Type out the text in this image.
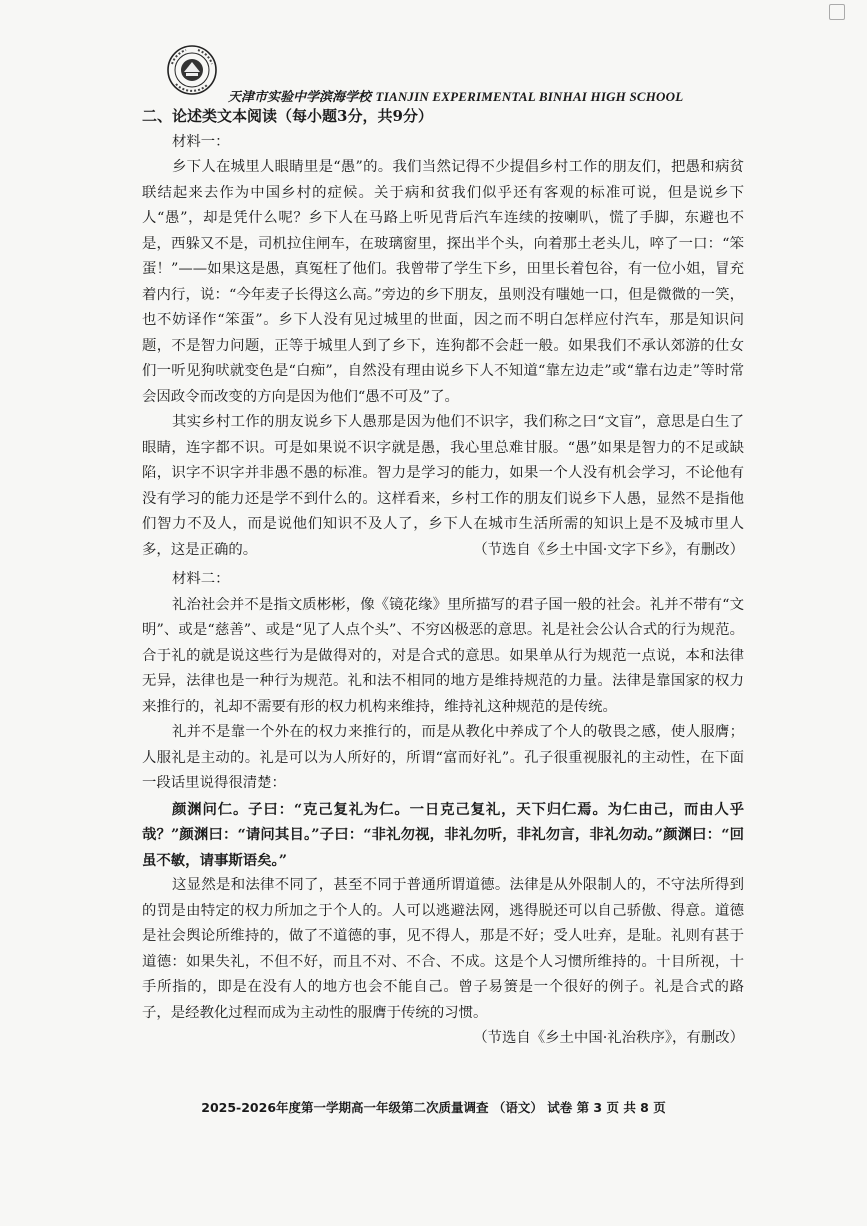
天津市实验中学滨海学校 TIANJIN EXPERIMENTAL BINHAI HIGH SCHOOL

二、论述类文本阅读（每小题3分，共9分）

材料一：

乡下人在城里人眼睛里是“愚”的。我们当然记得不少提倡乡村工作的朋友们，把愚和病贫联结起来去作为中国乡村的症候。关于病和贫我们似乎还有客观的标准可说，但是说乡下人“愚”，却是凭什么呢？乡下人在马路上听见背后汽车连续的按喇叭，慌了手脚，东避也不是，西躲又不是，司机拉住闸车，在玻璃窗里，探出半个头，向着那土老头儿，啐了一口：“笨蛋！”——如果这是愚，真冤枉了他们。我曾带了学生下乡，田里长着包谷，有一位小姐，冒充着内行，说：“今年麦子长得这么高。”旁边的乡下朋友，虽则没有嗤她一口，但是微微的一笑，也不妨译作“笨蛋”。乡下人没有见过城里的世面，因之而不明白怎样应付汽车，那是知识问题，不是智力问题，正等于城里人到了乡下，连狗都不会赶一般。如果我们不承认郊游的仕女们一听见狗吠就变色是“白痴”，自然没有理由说乡下人不知道“靠左边走”或“靠右边走”等时常会因政令而改变的方向是因为他们“愚不可及”了。

其实乡村工作的朋友说乡下人愚那是因为他们不识字，我们称之曰“文盲”，意思是白生了眼睛，连字都不识。可是如果说不识字就是愚，我心里总难甘服。“愚”如果是智力的不足或缺陷，识字不识字并非愚不愚的标准。智力是学习的能力，如果一个人没有机会学习，不论他有没有学习的能力还是学不到什么的。这样看来，乡村工作的朋友们说乡下人愚，显然不是指他们智力不及人，而是说他们知识不及人了，乡下人在城市生活所需的知识上是不及城市里人多，这是正确的。	（节选自《乡土中国·文字下乡》，有删改）

材料二：

礼治社会并不是指文质彬彬，像《镜花缘》里所描写的君子国一般的社会。礼并不带有“文明”、或是“慈善”、或是“见了人点个头”、不穷凶极恶的意思。礼是社会公认合式的行为规范。合于礼的就是说这些行为是做得对的，对是合式的意思。如果单从行为规范一点说，本和法律无异，法律也是一种行为规范。礼和法不相同的地方是维持规范的力量。法律是靠国家的权力来推行的，礼却不需要有形的权力机构来维持，维持礼这种规范的是传统。

礼并不是靠一个外在的权力来推行的，而是从教化中养成了个人的敬畏之感，使人服膺；人服礼是主动的。礼是可以为人所好的，所谓“富而好礼”。孔子很重视服礼的主动性，在下面一段话里说得很清楚：

颜渊问仁。子曰：“克己复礼为仁。一日克己复礼，天下归仁焉。为仁由己，而由人乎哉？”颜渊曰：“请问其目。”子曰：“非礼勿视，非礼勿听，非礼勿言，非礼勿动。”颜渊曰：“回虽不敏，请事斯语矣。”

这显然是和法律不同了，甚至不同于普通所谓道德。法律是从外限制人的，不守法所得到的罚是由特定的权力所加之于个人的。人可以逃避法网，逃得脱还可以自己骄傲、得意。道德是社会舆论所维持的，做了不道德的事，见不得人，那是不好；受人吐弃，是耻。礼则有甚于道德：如果失礼，不但不好，而且不对、不合、不成。这是个人习惯所维持的。十目所视，十手所指的，即是在没有人的地方也会不能自己。曾子易箦是一个很好的例子。礼是合式的路子，是经教化过程而成为主动性的服膺于传统的习惯。
（节选自《乡土中国·礼治秩序》，有删改）

2025-2026年度第一学期高一年级第二次质量调查 （语文） 试卷 第 3 页 共 8 页
